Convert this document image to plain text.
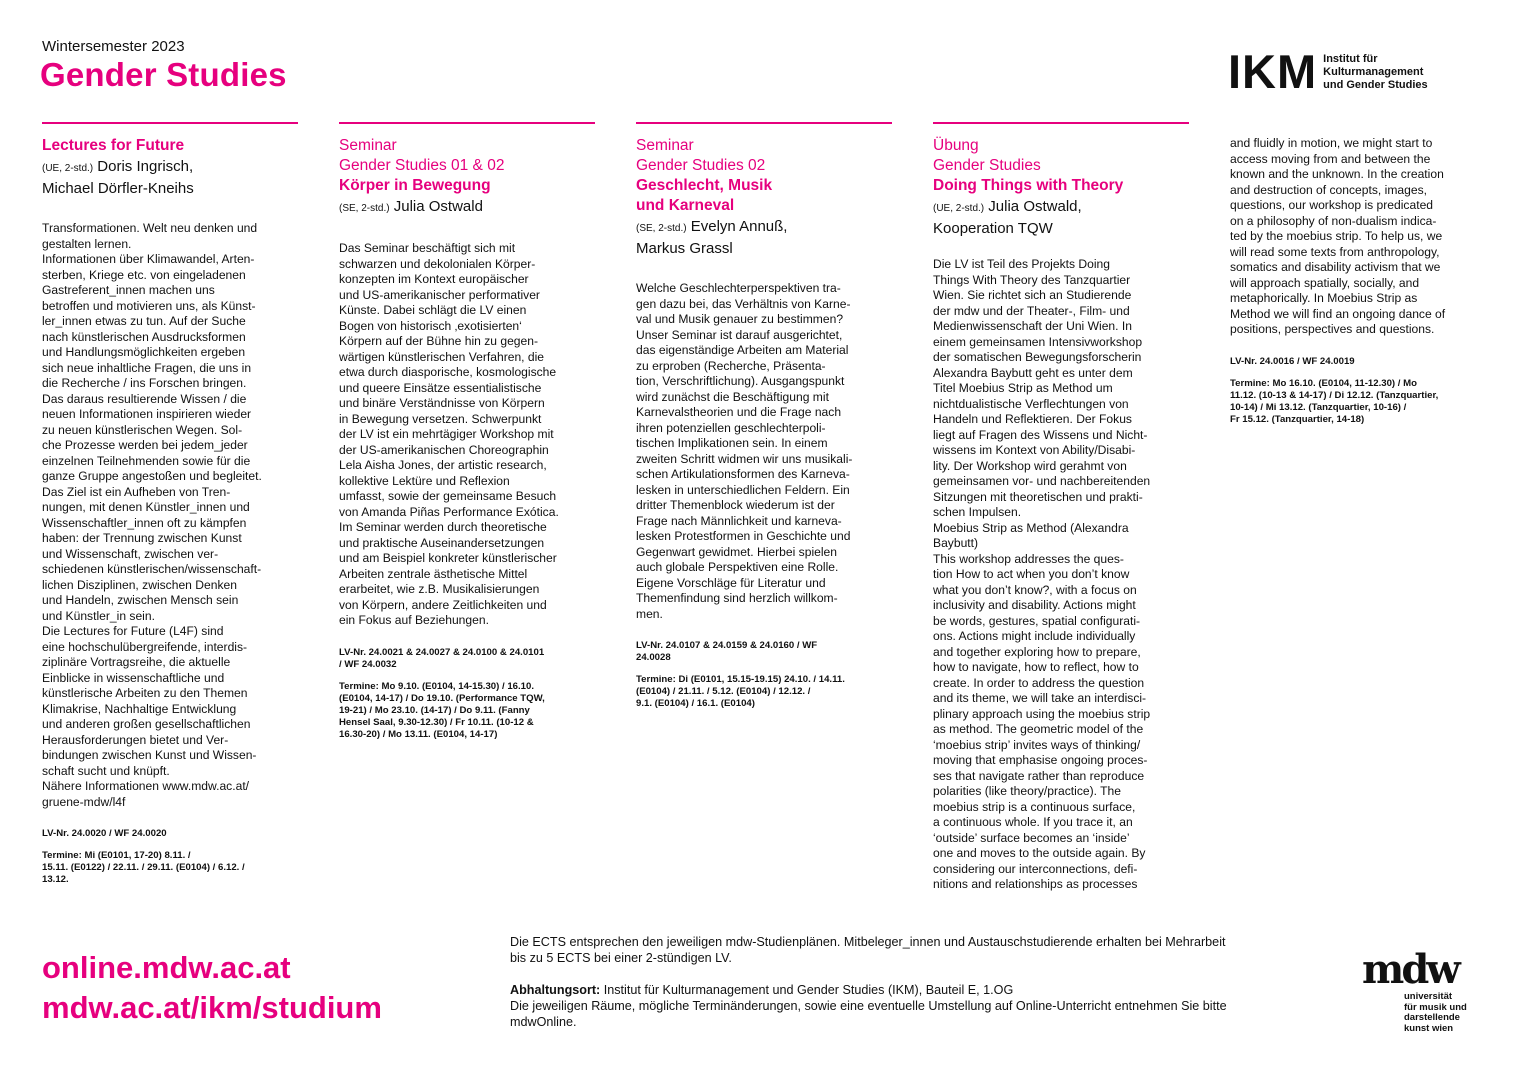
Wintersemester 2023
Gender Studies	IKM Institut für
Kulturmanagement
und Gender Studies
Lectures for Future
(UE, 2-std.) Doris Ingrisch,
Michael Dörfler-Kneihs
Transformationen. Welt neu denken und
gestalten lernen.
Informationen über Klimawandel, Arten-
sterben, Kriege etc. von eingeladenen
Gastreferent_innen machen uns
betroffen und motivieren uns, als Künst-
ler_innen etwas zu tun. Auf der Suche
nach künstlerischen Ausdrucksformen
und Handlungsmöglichkeiten ergeben
sich neue inhaltliche Fragen, die uns in
die Recherche / ins Forschen bringen.
Das daraus resultierende Wissen / die
neuen Informationen inspirieren wieder
zu neuen künstlerischen Wegen. Sol-
che Prozesse werden bei jedem_jeder
einzelnen Teilnehmenden sowie für die
ganze Gruppe angestoßen und begleitet.
Das Ziel ist ein Aufheben von Tren-
nungen, mit denen Künstler_innen und
Wissenschaftler_innen oft zu kämpfen
haben: der Trennung zwischen Kunst
und Wissenschaft, zwischen ver-
schiedenen künstlerischen/wissenschaft-
lichen Disziplinen, zwischen Denken
und Handeln, zwischen Mensch sein
und Künstler_in sein.
Die Lectures for Future (L4F) sind
eine hochschulübergreifende, interdis-
ziplinäre Vortragsreihe, die aktuelle
Einblicke in wissenschaftliche und
künstlerische Arbeiten zu den Themen
Klimakrise, Nachhaltige Entwicklung
und anderen großen gesellschaftlichen
Herausforderungen bietet und Ver-
bindungen zwischen Kunst und Wissen-
schaft sucht und knüpft.
Nähere Informationen www.mdw.ac.at/
gruene-mdw/l4f
LV-Nr. 24.0020 / WF 24.0020
Termine: Mi (E0101, 17-20) 8.11. /
15.11. (E0122) / 22.11. / 29.11. (E0104) / 6.12. /
13.12.
Seminar
Gender Studies 01 & 02
Körper in Bewegung
(SE, 2-std.) Julia Ostwald
Das Seminar beschäftigt sich mit
schwarzen und dekolonialen Körper-
konzepten im Kontext europäischer
und US-amerikanischer performativer
Künste. Dabei schlägt die LV einen
Bogen von historisch ‚exotisierten‘
Körpern auf der Bühne hin zu gegen-
wärtigen künstlerischen Verfahren, die
etwa durch diasporische, kosmologische
und queere Einsätze essentialistische
und binäre Verständnisse von Körpern
in Bewegung versetzen. Schwerpunkt
der LV ist ein mehrtägiger Workshop mit
der US-amerikanischen Choreographin
Lela Aisha Jones, der artistic research,
kollektive Lektüre und Reflexion
umfasst, sowie der gemeinsame Besuch
von Amanda Piñas Performance Exótica.
Im Seminar werden durch theoretische
und praktische Auseinandersetzungen
und am Beispiel konkreter künstlerischer
Arbeiten zentrale ästhetische Mittel
erarbeitet, wie z.B. Musikalisierungen
von Körpern, andere Zeitlichkeiten und
ein Fokus auf Beziehungen.
LV-Nr. 24.0021 & 24.0027 & 24.0100 & 24.0101
/ WF 24.0032
Termine: Mo 9.10. (E0104, 14-15.30) / 16.10.
(E0104, 14-17) / Do 19.10. (Performance TQW,
19-21) / Mo 23.10. (14-17) / Do 9.11. (Fanny
Hensel Saal, 9.30-12.30) / Fr 10.11. (10-12 &
16.30-20) / Mo 13.11. (E0104, 14-17)
Seminar
Gender Studies 02
Geschlecht, Musik
und Karneval
(SE, 2-std.) Evelyn Annuß,
Markus Grassl
Welche Geschlechterperspektiven tra-
gen dazu bei, das Verhältnis von Karne-
val und Musik genauer zu bestimmen?
Unser Seminar ist darauf ausgerichtet,
das eigenständige Arbeiten am Material
zu erproben (Recherche, Präsenta-
tion, Verschriftlichung). Ausgangspunkt
wird zunächst die Beschäftigung mit
Karnevalstheorien und die Frage nach
ihren potenziellen geschlechterpoli-
tischen Implikationen sein. In einem
zweiten Schritt widmen wir uns musikali-
schen Artikulationsformen des Karneva-
lesken in unterschiedlichen Feldern. Ein
dritter Themenblock wiederum ist der
Frage nach Männlichkeit und karneva-
lesken Protestformen in Geschichte und
Gegenwart gewidmet. Hierbei spielen
auch globale Perspektiven eine Rolle.
Eigene Vorschläge für Literatur und
Themenfindung sind herzlich willkom-
men.
LV-Nr. 24.0107 & 24.0159 & 24.0160 / WF
24.0028
Termine: Di (E0101, 15.15-19.15) 24.10. / 14.11.
(E0104) / 21.11. / 5.12. (E0104) / 12.12. /
9.1. (E0104) / 16.1. (E0104)
Übung
Gender Studies
Doing Things with Theory
(UE, 2-std.) Julia Ostwald,
Kooperation TQW
Die LV ist Teil des Projekts Doing
Things With Theory des Tanzquartier
Wien. Sie richtet sich an Studierende
der mdw und der Theater-, Film- und
Medienwissenschaft der Uni Wien. In
einem gemeinsamen Intensivworkshop
der somatischen Bewegungsforscherin
Alexandra Baybutt geht es unter dem
Titel Moebius Strip as Method um
nichtdualistische Verflechtungen von
Handeln und Reflektieren. Der Fokus
liegt auf Fragen des Wissens und Nicht-
wissens im Kontext von Ability/Disabi-
lity. Der Workshop wird gerahmt von
gemeinsamen vor- und nachbereitenden
Sitzungen mit theoretischen und prakti-
schen Impulsen.
Moebius Strip as Method (Alexandra
Baybutt)
This workshop addresses the ques-
tion How to act when you don’t know
what you don’t know?, with a focus on
inclusivity and disability. Actions might
be words, gestures, spatial configurati-
ons. Actions might include individually
and together exploring how to prepare,
how to navigate, how to reflect, how to
create. In order to address the question
and its theme, we will take an interdisci-
plinary approach using the moebius strip
as method. The geometric model of the
‘moebius strip’ invites ways of thinking/
moving that emphasise ongoing proces-
ses that navigate rather than reproduce
polarities (like theory/practice). The
moebius strip is a continuous surface,
a continuous whole. If you trace it, an
‘outside’ surface becomes an ‘inside’
one and moves to the outside again. By
considering our interconnections, defi-
nitions and relationships as processes
and fluidly in motion, we might start to
access moving from and between the
known and the unknown. In the creation
and destruction of concepts, images,
questions, our workshop is predicated
on a philosophy of non-dualism indica-
ted by the moebius strip. To help us, we
will read some texts from anthropology,
somatics and disability activism that we
will approach spatially, socially, and
metaphorically. In Moebius Strip as
Method we will find an ongoing dance of
positions, perspectives and questions.
LV-Nr. 24.0016 / WF 24.0019
Termine: Mo 16.10. (E0104, 11-12.30) / Mo
11.12. (10-13 & 14-17) / Di 12.12. (Tanzquartier,
10-14) / Mi 13.12. (Tanzquartier, 10-16) /
Fr 15.12. (Tanzquartier, 14-18)
online.mdw.ac.at
mdw.ac.at/ikm/studium

Die ECTS entsprechen den jeweiligen mdw-Studienplänen. Mitbeleger_innen und Austauschstudierende erhalten bei Mehrarbeit bis zu 5 ECTS bei einer 2-stündigen LV.

Abhaltungsort: Institut für Kulturmanagement und Gender Studies (IKM), Bauteil E, 1.OG
Die jeweiligen Räume, mögliche Terminänderungen, sowie eine eventuelle Umstellung auf Online-Unterricht entnehmen Sie bitte mdwOnline.

mdw
universität
für musik und
darstellende
kunst wien
